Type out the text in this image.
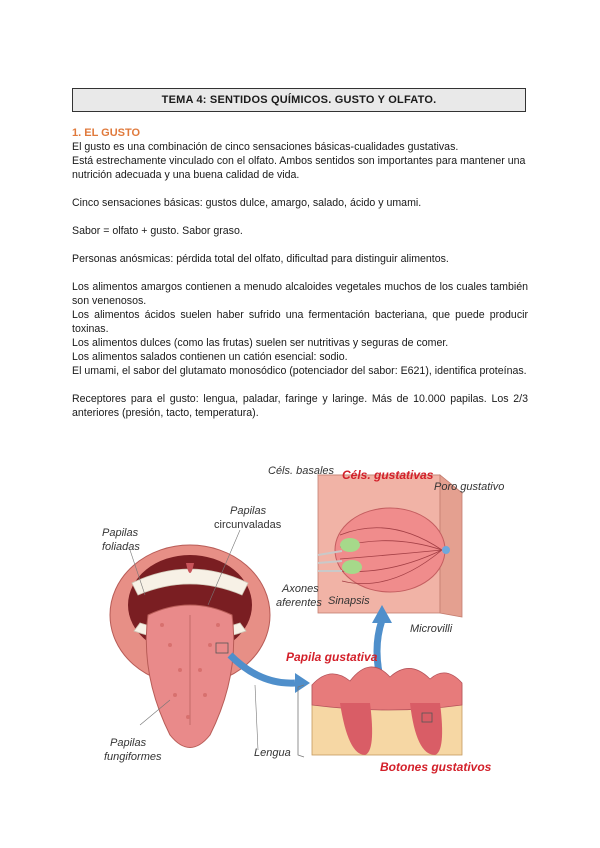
TEMA 4: SENTIDOS QUÍMICOS. GUSTO Y OLFATO.

1. EL GUSTO

El gusto es una combinación de cinco sensaciones básicas-cualidades gustativas.

Está estrechamente vinculado con el olfato. Ambos sentidos son importantes para mantener una nutrición adecuada y una buena calidad de vida.

Cinco sensaciones básicas: gustos dulce, amargo, salado, ácido y umami.

Sabor = olfato + gusto. Sabor graso.

Personas anósmicas: pérdida total del olfato, dificultad para distinguir alimentos.

Los alimentos amargos contienen a menudo alcaloides vegetales muchos de los cuales también son venenosos.

Los alimentos ácidos suelen haber sufrido una fermentación bacteriana, que puede producir toxinas.

Los alimentos dulces (como las frutas) suelen ser nutritivas y seguras de comer.

Los alimentos salados contienen un catión esencial: sodio.

El umami, el sabor del glutamato monosódico (potenciador del sabor: E621), identifica proteínas.

Receptores para el gusto: lengua, paladar, faringe y laringe. Más de 10.000 papilas. Los 2/3 anteriores (presión, tacto, temperatura).

Céls. basales Céls. gustativas
Poro gustativo
Papilas
circunvaladas
Papilas
foliadas
Axones
aferentes Sinapsis
Microvilli
Papila gustativa
Papilas
fungiformes	Lengua
Botones gustativos
